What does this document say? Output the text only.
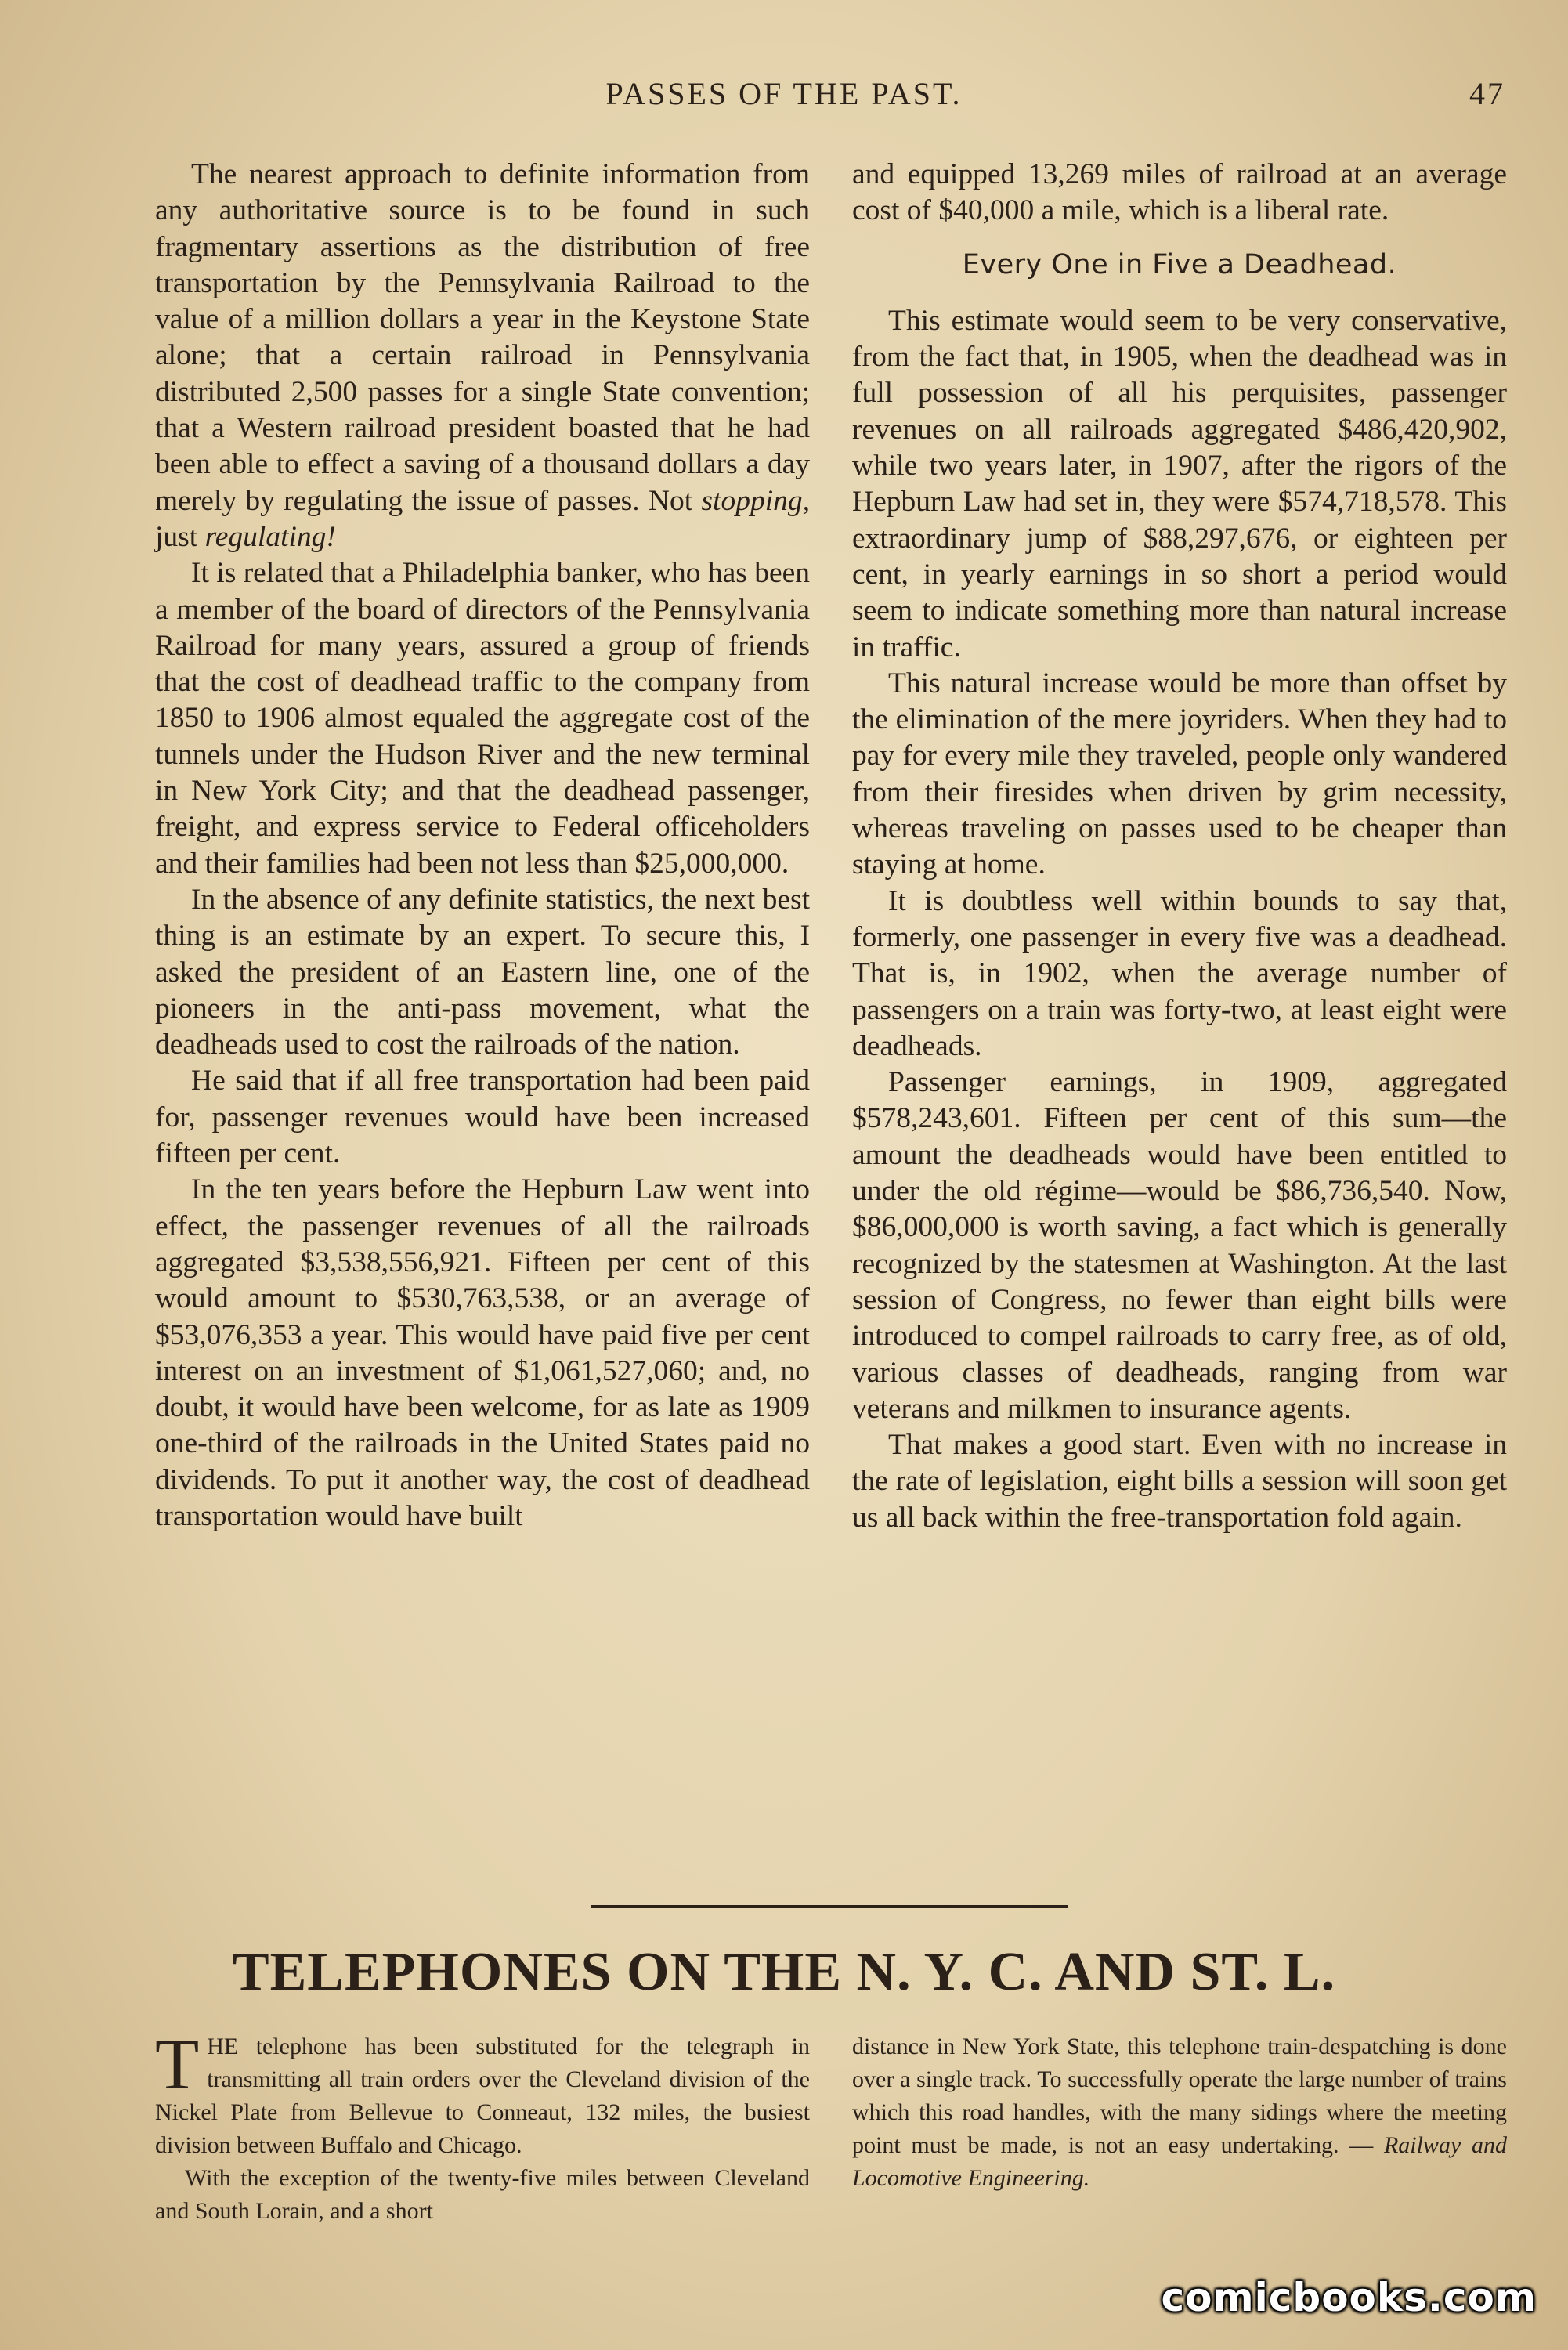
PASSES OF THE PAST.	47

The nearest approach to definite information from any authoritative source is to be found in such fragmentary assertions as the distribution of free transportation by the Pennsylvania Railroad to the value of a million dollars a year in the Keystone State alone; that a certain railroad in Pennsylvania distributed 2,500 passes for a single State convention; that a Western railroad president boasted that he had been able to effect a saving of a thousand dollars a day merely by regulating the issue of passes. Not stopping, just regulating!

It is related that a Philadelphia banker, who has been a member of the board of directors of the Pennsylvania Railroad for many years, assured a group of friends that the cost of deadhead traffic to the company from 1850 to 1906 almost equaled the aggregate cost of the tunnels under the Hudson River and the new terminal in New York City; and that the deadhead passenger, freight, and express service to Federal officeholders and their families had been not less than $25,000,000.

In the absence of any definite statistics, the next best thing is an estimate by an expert. To secure this, I asked the president of an Eastern line, one of the pioneers in the anti-pass movement, what the deadheads used to cost the railroads of the nation.

He said that if all free transportation had been paid for, passenger revenues would have been increased fifteen per cent.

In the ten years before the Hepburn Law went into effect, the passenger revenues of all the railroads aggregated $3,538,556,921. Fifteen per cent of this would amount to $530,763,538, or an average of $53,076,353 a year. This would have paid five per cent interest on an investment of $1,061,527,060; and, no doubt, it would have been welcome, for as late as 1909 one-third of the railroads in the United States paid no dividends. To put it another way, the cost of deadhead transportation would have built

and equipped 13,269 miles of railroad at an average cost of $40,000 a mile, which is a liberal rate.

Every One in Five a Deadhead.

This estimate would seem to be very conservative, from the fact that, in 1905, when the deadhead was in full possession of all his perquisites, passenger revenues on all railroads aggregated $486,420,902, while two years later, in 1907, after the rigors of the Hepburn Law had set in, they were $574,718,578. This extraordinary jump of $88,297,676, or eighteen per cent, in yearly earnings in so short a period would seem to indicate something more than natural increase in traffic.

This natural increase would be more than offset by the elimination of the mere joyriders. When they had to pay for every mile they traveled, people only wandered from their firesides when driven by grim necessity, whereas traveling on passes used to be cheaper than staying at home.

It is doubtless well within bounds to say that, formerly, one passenger in every five was a deadhead. That is, in 1902, when the average number of passengers on a train was forty-two, at least eight were deadheads.

Passenger earnings, in 1909, aggregated $578,243,601. Fifteen per cent of this sum—the amount the deadheads would have been entitled to under the old régime—would be $86,736,540. Now, $86,000,000 is worth saving, a fact which is generally recognized by the statesmen at Washington. At the last session of Congress, no fewer than eight bills were introduced to compel railroads to carry free, as of old, various classes of deadheads, ranging from war veterans and milkmen to insurance agents.

That makes a good start. Even with no increase in the rate of legislation, eight bills a session will soon get us all back within the free-transportation fold again.

TELEPHONES ON THE N. Y. C. AND ST. L.

THE telephone has been substituted for the telegraph in transmitting all train orders over the Cleveland division of the Nickel Plate from Bellevue to Conneaut, 132 miles, the busiest division between Buffalo and Chicago.

With the exception of the twenty-five miles between Cleveland and South Lorain, and a short

distance in New York State, this telephone train-despatching is done over a single track. To successfully operate the large number of trains which this road handles, with the many sidings where the meeting point must be made, is not an easy undertaking. — Railway and Locomotive Engineering.

comicbooks.com
